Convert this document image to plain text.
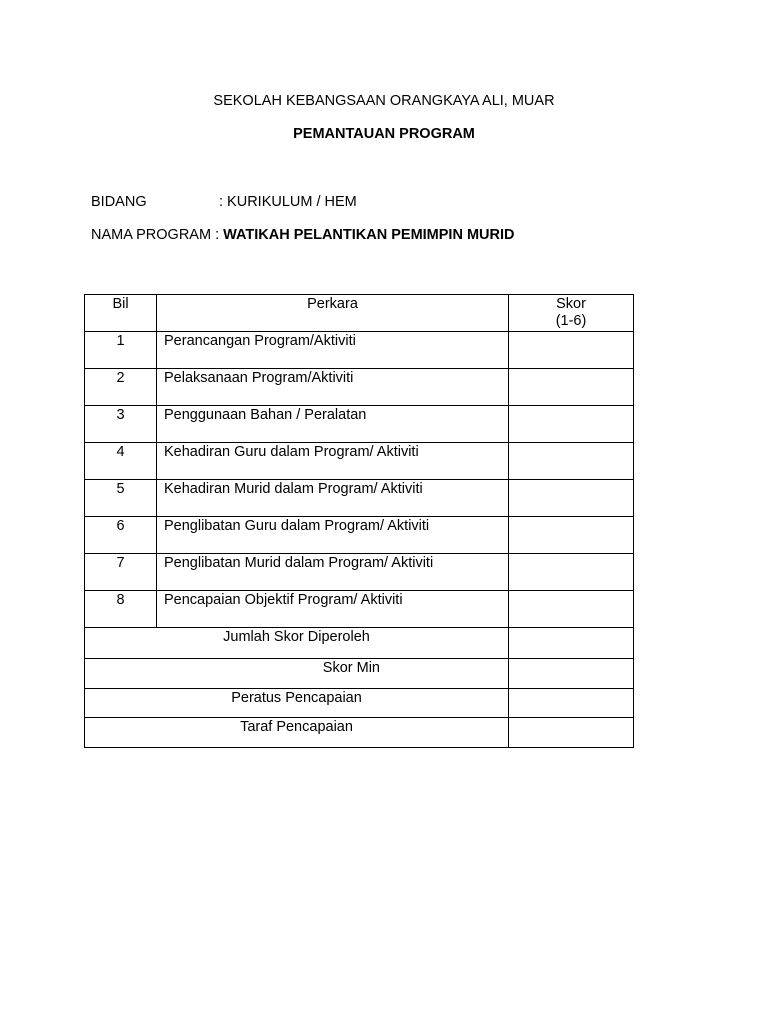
SEKOLAH KEBANGSAAN ORANGKAYA ALI, MUAR
PEMANTAUAN PROGRAM
BIDANG	: KURIKULUM / HEM
NAMA PROGRAM : WATIKAH PELANTIKAN PEMIMPIN MURID
Bil	Perkara	Skor
(1-6)
1	Perancangan Program/Aktiviti	
2	Pelaksanaan Program/Aktiviti	
3	Penggunaan Bahan / Peralatan	
4	Kehadiran Guru dalam Program/ Aktiviti	
5	Kehadiran Murid dalam Program/ Aktiviti	
6	Penglibatan Guru dalam Program/ Aktiviti	
7	Penglibatan Murid dalam Program/ Aktiviti	
8	Pencapaian Objektif Program/ Aktiviti	
Jumlah Skor Diperoleh		
Skor Min		
Peratus Pencapaian		
Taraf Pencapaian		
